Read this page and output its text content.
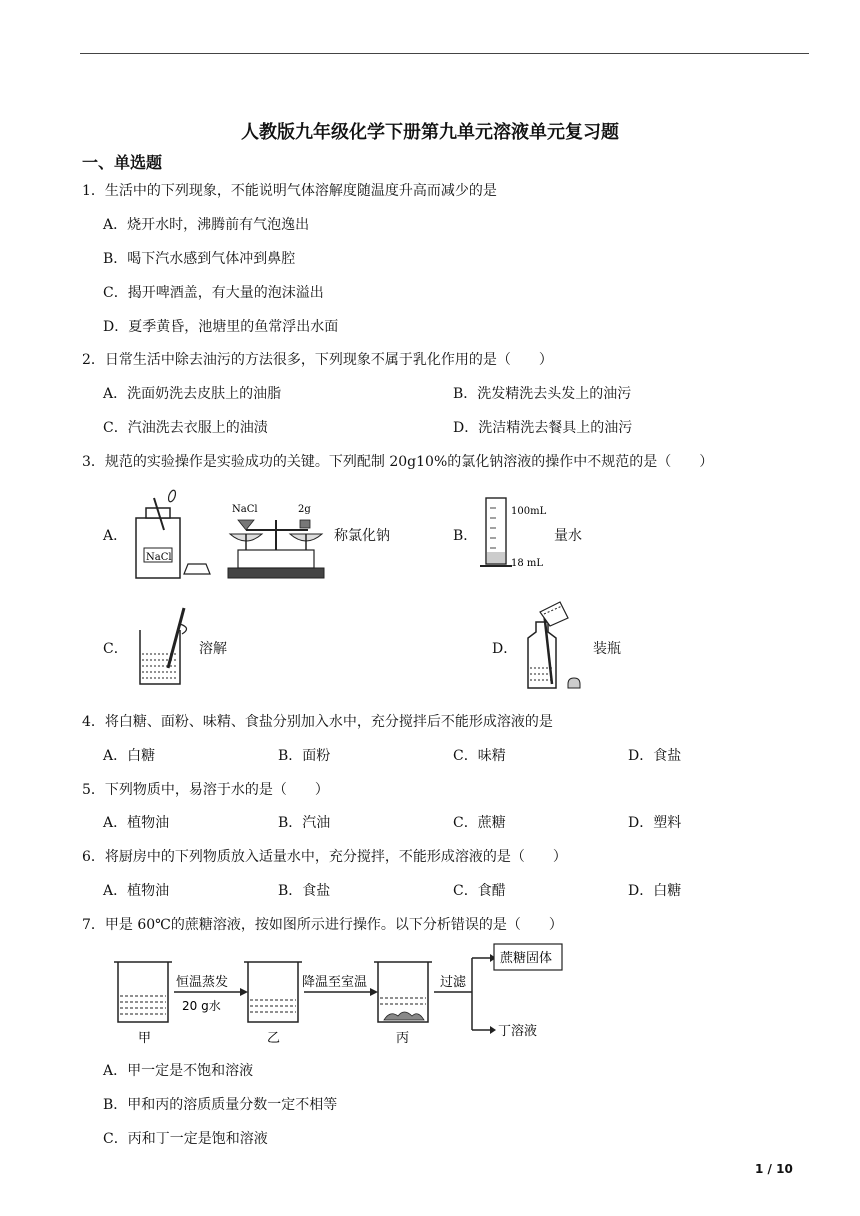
人教版九年级化学下册第九单元溶液单元复习题
一、单选题
1．生活中的下列现象，不能说明气体溶解度随温度升高而减少的是
A．烧开水时，沸腾前有气泡逸出
B．喝下汽水感到气体冲到鼻腔
C．揭开啤酒盖，有大量的泡沫溢出
D．夏季黄昏，池塘里的鱼常浮出水面
2．日常生活中除去油污的方法很多，下列现象不属于乳化作用的是（　　）
A．洗面奶洗去皮肤上的油脂	B．洗发精洗去头发上的油污
C．汽油洗去衣服上的油渍	D．洗洁精洗去餐具上的油污
3．规范的实验操作是实验成功的关键。下列配制 20g10%的氯化钠溶液的操作中不规范的是（　　）
A．
NaCl
NaCl	2g
称氯化钠	B．
100mL
18 mL
量水
C．	溶解	D．	装瓶
4．将白糖、面粉、味精、食盐分别加入水中，充分搅拌后不能形成溶液的是
A．白糖	B．面粉	C．味精	D．食盐
5．下列物质中，易溶于水的是（　　）
A．植物油	B．汽油	C．蔗糖	D．塑料
6．将厨房中的下列物质放入适量水中，充分搅拌，不能形成溶液的是（　　）
A．植物油	B．食盐	C．食醋	D．白糖
7．甲是 60℃的蔗糖溶液，按如图所示进行操作。以下分析错误的是（　　）
甲
恒温蒸发
20 g水
乙
降温至室温
丙
过滤
蔗糖固体
丁溶液
A．甲一定是不饱和溶液
B．甲和丙的溶质质量分数一定不相等
C．丙和丁一定是饱和溶液
1 / 10
